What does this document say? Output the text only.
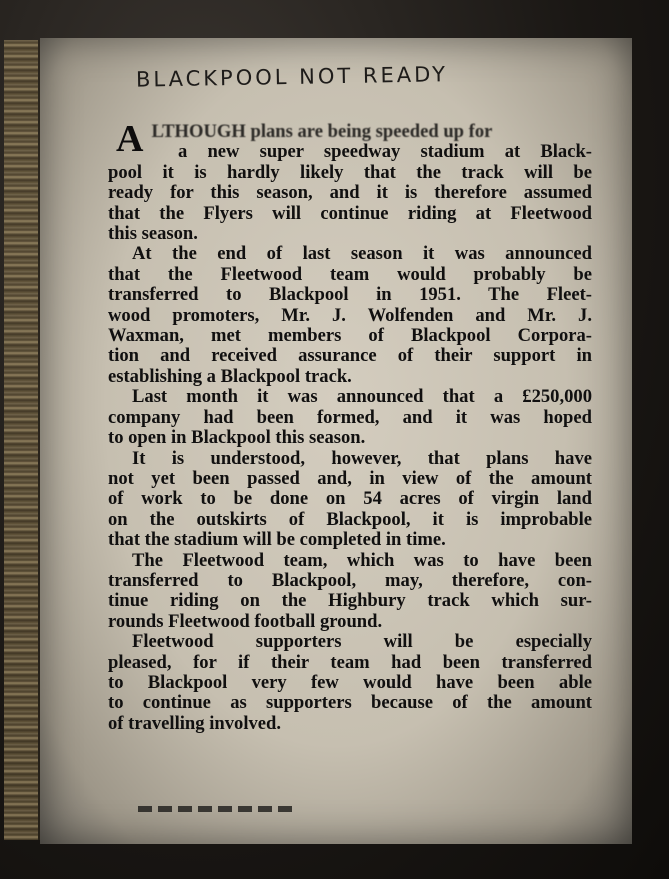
BLACKPOOL NOT READY
A LTHOUGH plans are being speeded up for
a new super speedway stadium at Black-
pool it is hardly likely that the track will be
ready for this season, and it is therefore assumed
that the Flyers will continue riding at Fleetwood
this season.
At the end of last season it was announced
that the Fleetwood team would probably be
transferred to Blackpool in 1951. The Fleet-
wood promoters, Mr. J. Wolfenden and Mr. J.
Waxman, met members of Blackpool Corpora-
tion and received assurance of their support in
establishing a Blackpool track.
Last month it was announced that a £250,000
company had been formed, and it was hoped
to open in Blackpool this season.
It is understood, however, that plans have
not yet been passed and, in view of the amount
of work to be done on 54 acres of virgin land
on the outskirts of Blackpool, it is improbable
that the stadium will be completed in time.
The Fleetwood team, which was to have been
transferred to Blackpool, may, therefore, con-
tinue riding on the Highbury track which sur-
rounds Fleetwood football ground.
Fleetwood supporters will be especially
pleased, for if their team had been transferred
to Blackpool very few would have been able
to continue as supporters because of the amount
of travelling involved.
